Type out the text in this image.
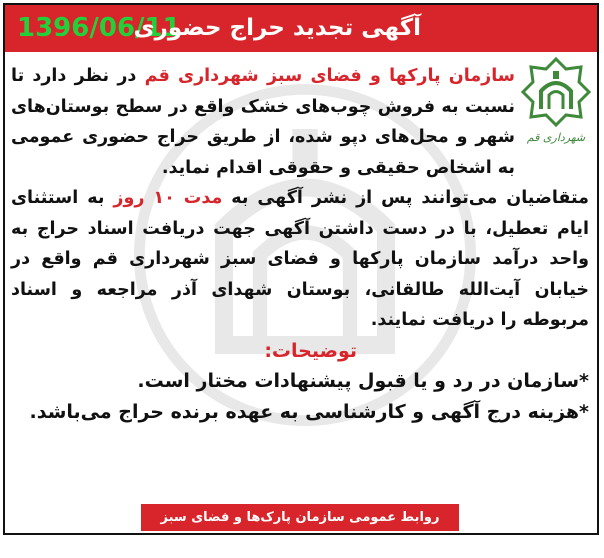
1396/06/11
آگهی تجدید حراج حضوری
شهرداری قم

سازمان پارکها و فضای سبز شهرداری قم در نظر دارد تا نسبت به فروش چوب‌های خشک واقع در سطح بوستان‌های شهر و محل‌های دپو شده، از طریق حراج حضوری عمومی به اشخاص حقیقی و حقوقی اقدام نماید.

متقاضیان می‌توانند پس از نشر آگهی به مدت ۱۰ روز به استثنای ایام تعطیل، با در دست داشتن آگهی جهت دریافت اسناد حراج به واحد درآمد سازمان پارکها و فضای سبز شهرداری قم واقع در خیابان آیت‌الله طالقانی، بوستان شهدای آذر مراجعه و اسناد مربوطه را دریافت نمایند.

توضیحات:

*سازمان در رد و یا قبول پیشنهادات مختار است.

*هزینه درج آگهی و کارشناسی به عهده برنده حراج می‌باشد.

روابط عمومی سازمان پارک‌ها و فضای سبز شهرداری قم
